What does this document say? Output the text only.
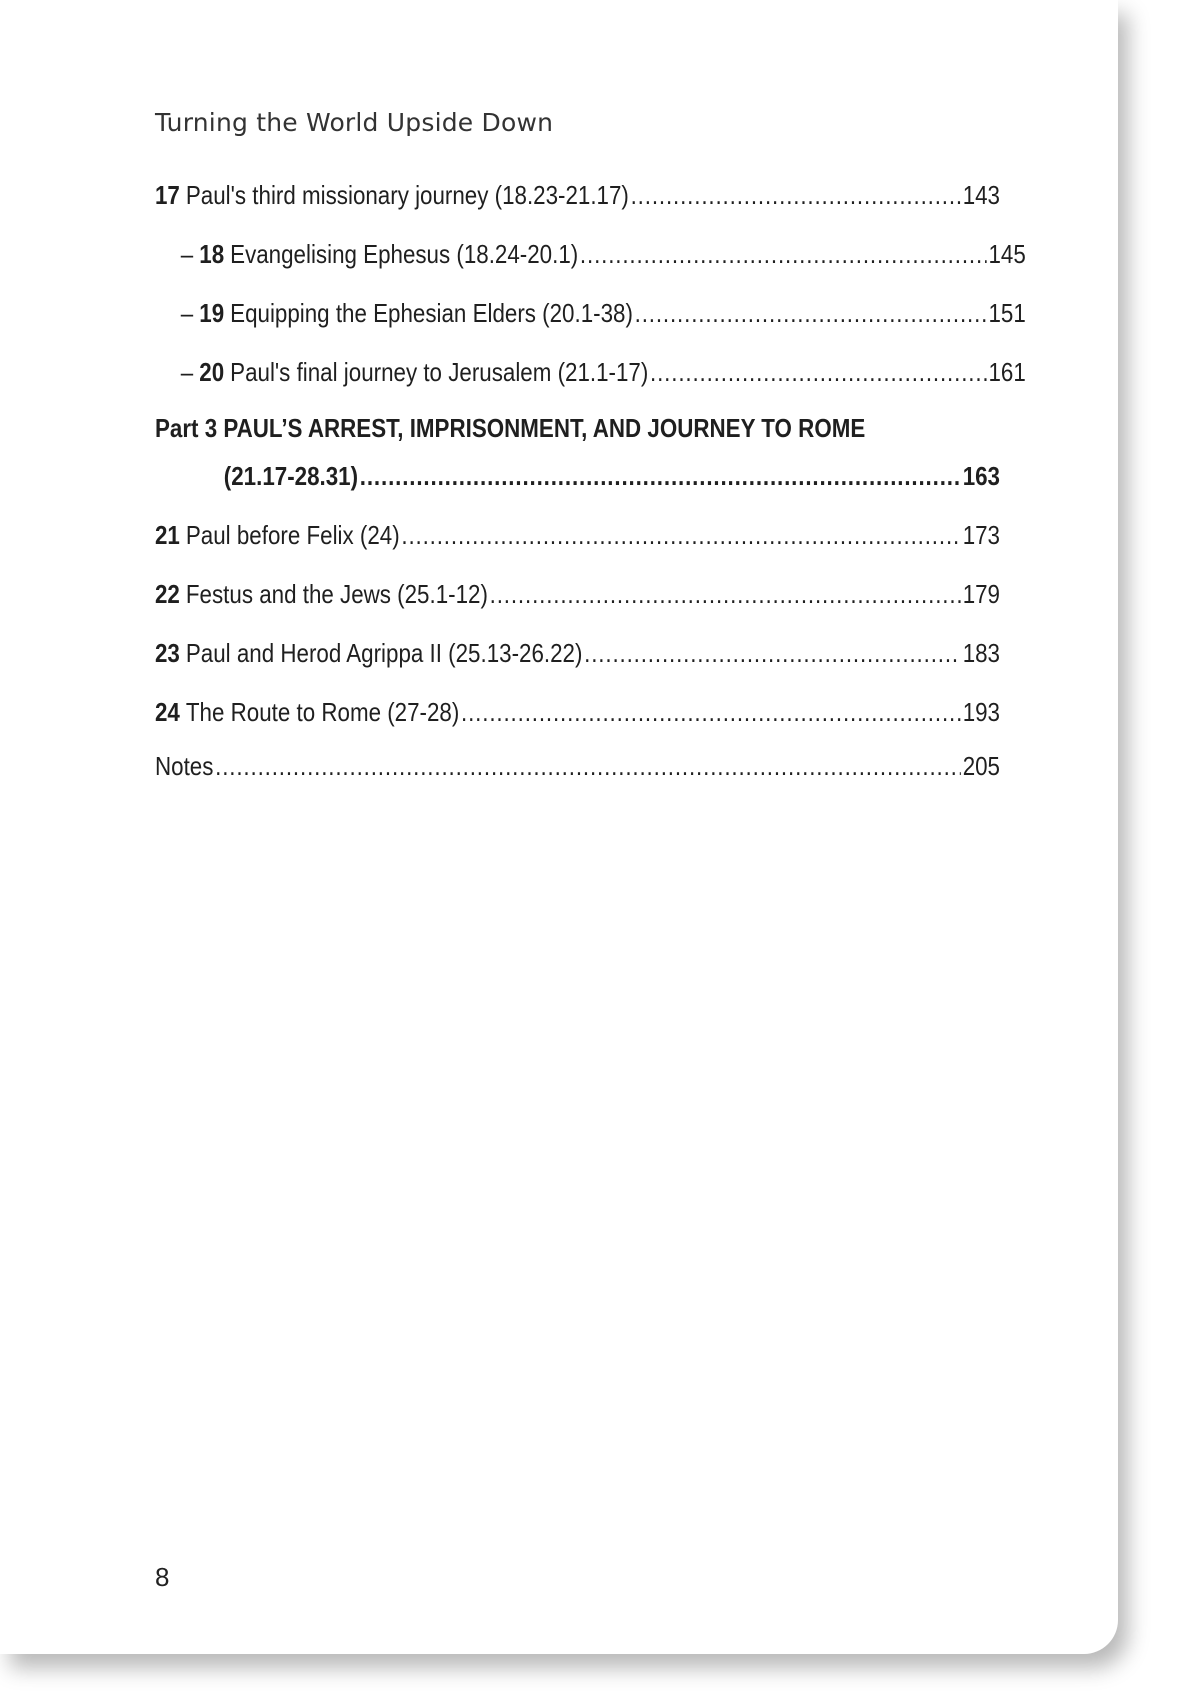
Turning the World Upside Down
17 Paul's third missionary journey (18.23-21.17) .....	143
– 18 Evangelising Ephesus (18.24-20.1) .....	145
– 19 Equipping the Ephesian Elders (20.1-38) .....	151
– 20 Paul's final journey to Jerusalem (21.1-17) .....	161
Part 3 PAUL’S ARREST, IMPRISONMENT, AND JOURNEY TO ROME
(21.17-28.31) .....	163
21 Paul before Felix (24) .....	173
22 Festus and the Jews (25.1-12) .....	179
23 Paul and Herod Agrippa II (25.13-26.22) .....	183
24 The Route to Rome (27-28) .....	193
Notes .....	205
8
